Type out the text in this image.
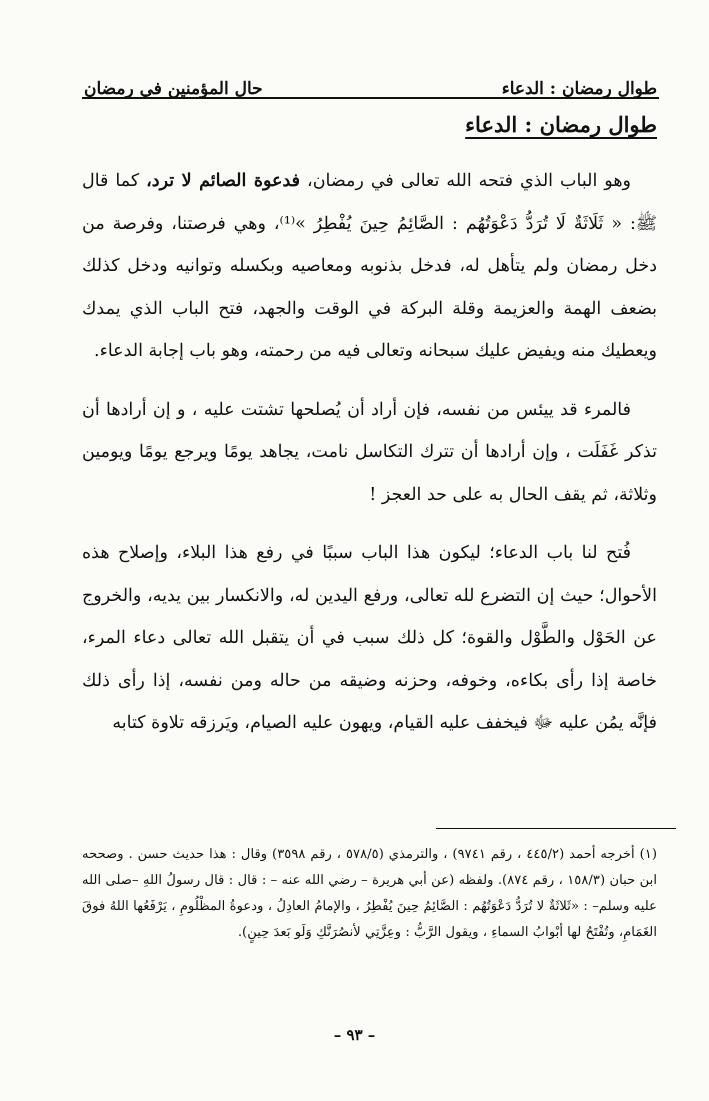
طوال رمضان : الدعاء
حال المؤمنين في رمضان
طوال رمضان : الدعاء

وهو الباب الذي فتحه الله تعالى في رمضان، فدعوة الصائم لا ترد، كما قال ﷺ: « ثَلَاثَةٌ لَا تُرَدُّ دَعْوَتُهُم : الصَّائِمُ حِينَ يُفْطِرُ »⁽¹⁾، وهي فرصتنا، وفرصة من دخل رمضان ولم يتأهل له، فدخل بذنوبه ومعاصيه وبكسله وتوانيه ودخل كذلك بضعف الهمة والعزيمة وقلة البركة في الوقت والجهد، فتح الباب الذي يمدك ويعطيك منه ويفيض عليك سبحانه وتعالى فيه من رحمته، وهو باب إجابة الدعاء.

فالمرء قد ييئس من نفسه، فإن أراد أن يُصلحها تشتت عليه ، و إن أرادها أن تذكر غَفَلَت ، وإن أرادها أن تترك التكاسل نامت، يجاهد يومًا ويرجع يومًا ويومين وثلاثة، ثم يقف الحال به على حد العجز !

فُتح لنا باب الدعاء؛ ليكون هذا الباب سببًا في رفع هذا البلاء، وإصلاح هذه الأحوال؛ حيث إن التضرع لله تعالى، ورفع اليدين له، والانكسار بين يديه، والخروج عن الحَوْل والطَّوْل والقوة؛ كل ذلك سبب في أن يتقبل الله تعالى دعاء المرء، خاصة إذا رأى بكاءه، وخوفه، وحزنه وضيقه من حاله ومن نفسه، إذا رأى ذلك فإنَّه يمُن عليه ﷻ فيخفف عليه القيام، ويهون عليه الصيام، ويَرزقه تلاوة كتابه

(١) أخرجه أحمد (٤٤٥/٢ ، رقم ٩٧٤١) ، والترمذي (٥٧٨/٥ ، رقم ٣٥٩٨) وقال : هذا حديث حسن . وصححه ابن حبان (١٥٨/٣ ، رقم ٨٧٤). ولفظه (عن أبي هريرة – رضي الله عنه – : قال : قال رسولُ اللهِ –صلى الله عليه وسلم– : «ثَلاثَةٌ لا تُرَدُّ دَعْوَتُهُم : الصَّائِمُ حِينَ يُفْطِرُ ، والإمامُ العادِلُ ، ودعوةُ المظْلُومِ ، يَرْفَعُها اللهُ فوقَ الغَمَامِ، وتُفْتَحُ لها أبْوابُ السماءِ ، ويقول الرَّبُّ : وعِزَّتِي لأنصُرَنَّكِ وَلَو بَعدَ حِينٍ).
– ٩٣ –
